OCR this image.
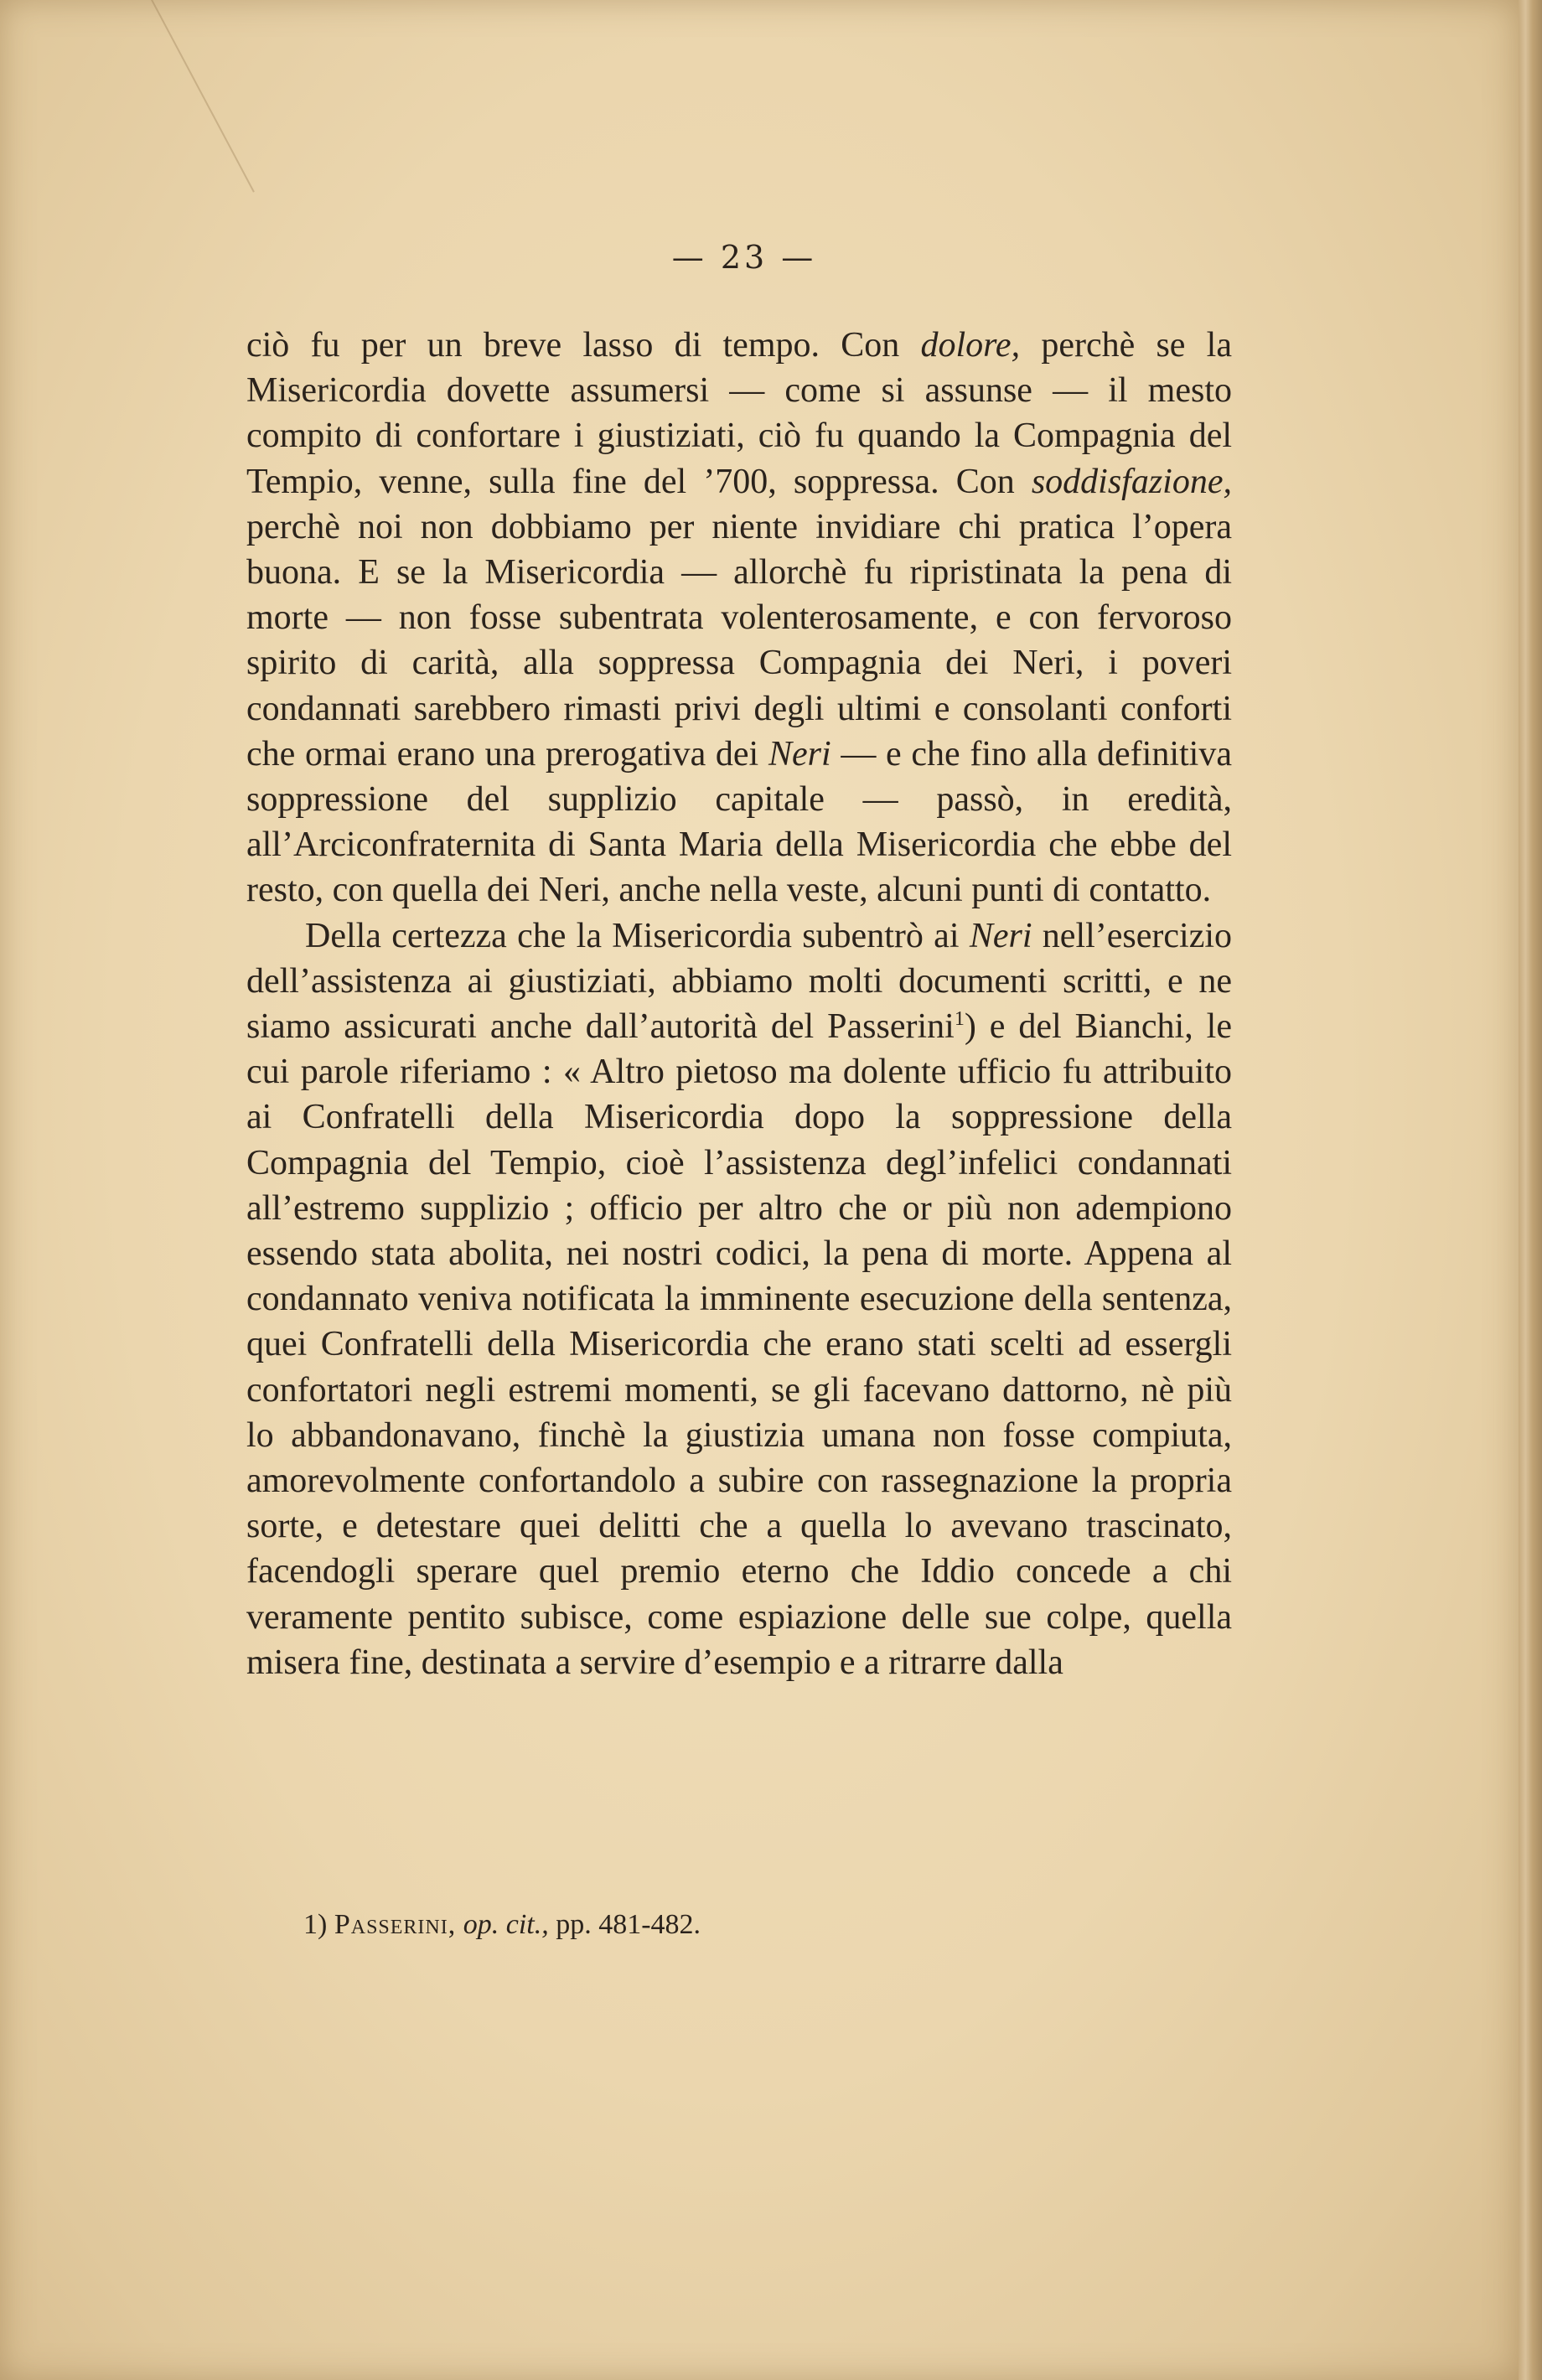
— 23 —

ciò fu per un breve lasso di tempo. Con dolore, perchè se la Misericordia dovette assumersi — come si assunse — il mesto compito di confortare i giustiziati, ciò fu quando la Compagnia del Tempio, venne, sulla fine del ’700, soppressa. Con soddisfazione, perchè noi non dobbiamo per niente invidiare chi pratica l’opera buona. E se la Misericordia — allorchè fu ripristinata la pena di morte — non fosse subentrata volenterosamente, e con fervoroso spirito di carità, alla soppressa Compagnia dei Neri, i poveri condannati sarebbero rimasti privi degli ultimi e consolanti conforti che ormai erano una prerogativa dei Neri — e che fino alla definitiva soppressione del supplizio capitale — passò, in eredità, all’Arciconfraternita di Santa Maria della Misericordia che ebbe del resto, con quella dei Neri, anche nella veste, alcuni punti di contatto.

Della certezza che la Misericordia subentrò ai Neri nell’esercizio dell’assistenza ai giustiziati, abbiamo molti documenti scritti, e ne siamo assicurati anche dall’autorità del Passerini$^1$) e del Bianchi, le cui parole riferiamo : « Altro pietoso ma dolente ufficio fu attribuito ai Confratelli della Misericordia dopo la soppressione della Compagnia del Tempio, cioè l’assistenza degl’infelici condannati all’estremo supplizio ; officio per altro che or più non adempiono essendo stata abolita, nei nostri codici, la pena di morte. Appena al condannato veniva notificata la imminente esecuzione della sentenza, quei Confratelli della Misericordia che erano stati scelti ad essergli confortatori negli estremi momenti, se gli facevano dattorno, nè più lo abbandonavano, finchè la giustizia umana non fosse compiuta, amorevolmente confortandolo a subire con rassegnazione la propria sorte, e detestare quei delitti che a quella lo avevano trascinato, facendogli sperare quel premio eterno che Iddio concede a chi veramente pentito subisce, come espiazione delle sue colpe, quella misera fine, destinata a servire d’esempio e a ritrarre dalla

1) Passerini, op. cit., pp. 481-482.
